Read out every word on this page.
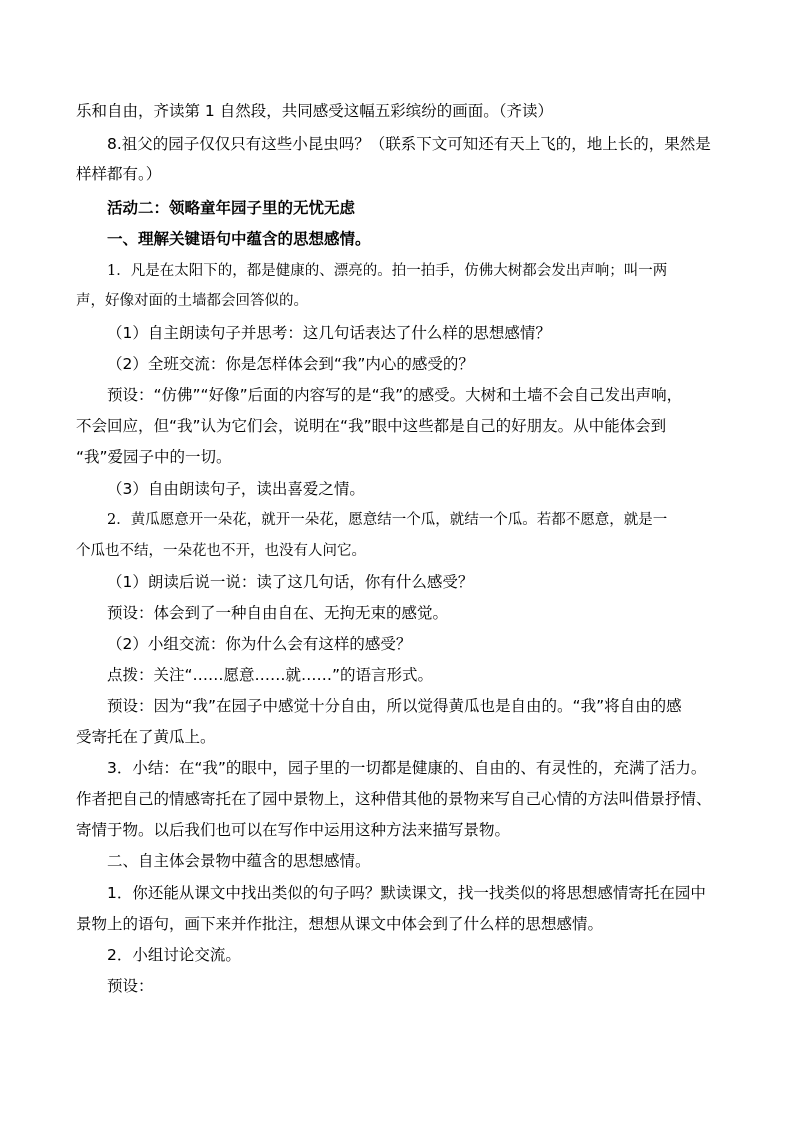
乐和自由，齐读第 1 自然段，共同感受这幅五彩缤纷的画面。（齐读）
8.祖父的园子仅仅只有这些小昆虫吗？（联系下文可知还有天上飞的，地上长的，果然是
样样都有。）
活动二：领略童年园子里的无忧无虑
一、理解关键语句中蕴含的思想感情。
1．凡是在太阳下的，都是健康的、漂亮的。拍一拍手，仿佛大树都会发出声响；叫一两
声，好像对面的土墙都会回答似的。
（1）自主朗读句子并思考：这几句话表达了什么样的思想感情？
（2）全班交流：你是怎样体会到“我”内心的感受的？
预设：“仿佛”“好像”后面的内容写的是“我”的感受。大树和土墙不会自己发出声响，
不会回应，但“我”认为它们会，说明在“我”眼中这些都是自己的好朋友。从中能体会到
“我”爱园子中的一切。
（3）自由朗读句子，读出喜爱之情。
2．黄瓜愿意开一朵花，就开一朵花，愿意结一个瓜，就结一个瓜。若都不愿意，就是一
个瓜也不结，一朵花也不开，也没有人问它。
（1）朗读后说一说：读了这几句话，你有什么感受？
预设：体会到了一种自由自在、无拘无束的感觉。
（2）小组交流：你为什么会有这样的感受？
点拨：关注“……愿意……就……”的语言形式。
预设：因为“我”在园子中感觉十分自由，所以觉得黄瓜也是自由的。“我”将自由的感
受寄托在了黄瓜上。
3．小结：在“我”的眼中，园子里的一切都是健康的、自由的、有灵性的，充满了活力。
作者把自己的情感寄托在了园中景物上，这种借其他的景物来写自己心情的方法叫借景抒情、
寄情于物。以后我们也可以在写作中运用这种方法来描写景物。
二、自主体会景物中蕴含的思想感情。
1．你还能从课文中找出类似的句子吗？默读课文，找一找类似的将思想感情寄托在园中
景物上的语句，画下来并作批注，想想从课文中体会到了什么样的思想感情。
2．小组讨论交流。
预设：
